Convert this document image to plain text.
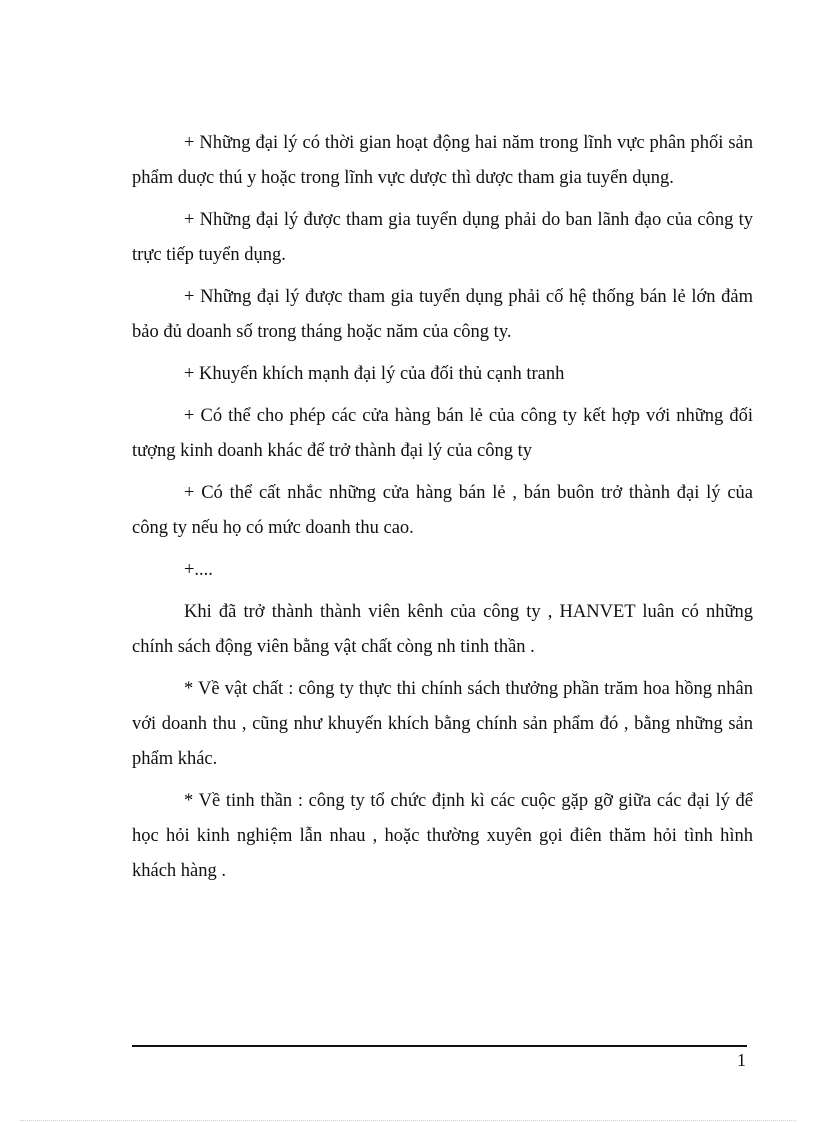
+ Những đại lý có thời gian hoạt động hai năm trong lĩnh vực phân phối sản phẩm duợc thú y hoặc trong lĩnh vực dược thì dược tham gia tuyển dụng.

+ Những đại lý được tham gia tuyển dụng phải do ban lãnh đạo của công ty trực tiếp tuyển dụng.

+ Những đại lý được tham gia tuyển dụng phải cố hệ thống bán lẻ lớn đảm bảo đủ doanh số trong tháng hoặc năm của công ty.

+ Khuyến khích mạnh đại lý của đối thủ cạnh tranh

+ Có thể cho phép các cửa hàng bán lẻ của công ty kết hợp với những đối tượng kinh doanh khác để trở thành đại lý của công ty

+ Có thể cất nhắc những cửa hàng bán lẻ , bán buôn trở thành đại lý của công ty nếu họ có mức doanh thu cao.

+....

Khi đã trở thành thành viên kênh của công ty , HANVET luân có những chính sách động viên bằng vật chất còng nh tinh thần .

* Về vật chất : công ty thực thi chính sách thưởng phần trăm hoa hồng nhân với doanh thu , cũng như khuyến khích bằng chính sản phẩm đó , bằng những sản phẩm khác.

* Về tinh thần : công ty tổ chức định kì các cuộc gặp gỡ giữa các đại lý để học hỏi kinh nghiệm lẫn nhau , hoặc thường xuyên gọi điên thăm hỏi tình hình khách hàng .

1
